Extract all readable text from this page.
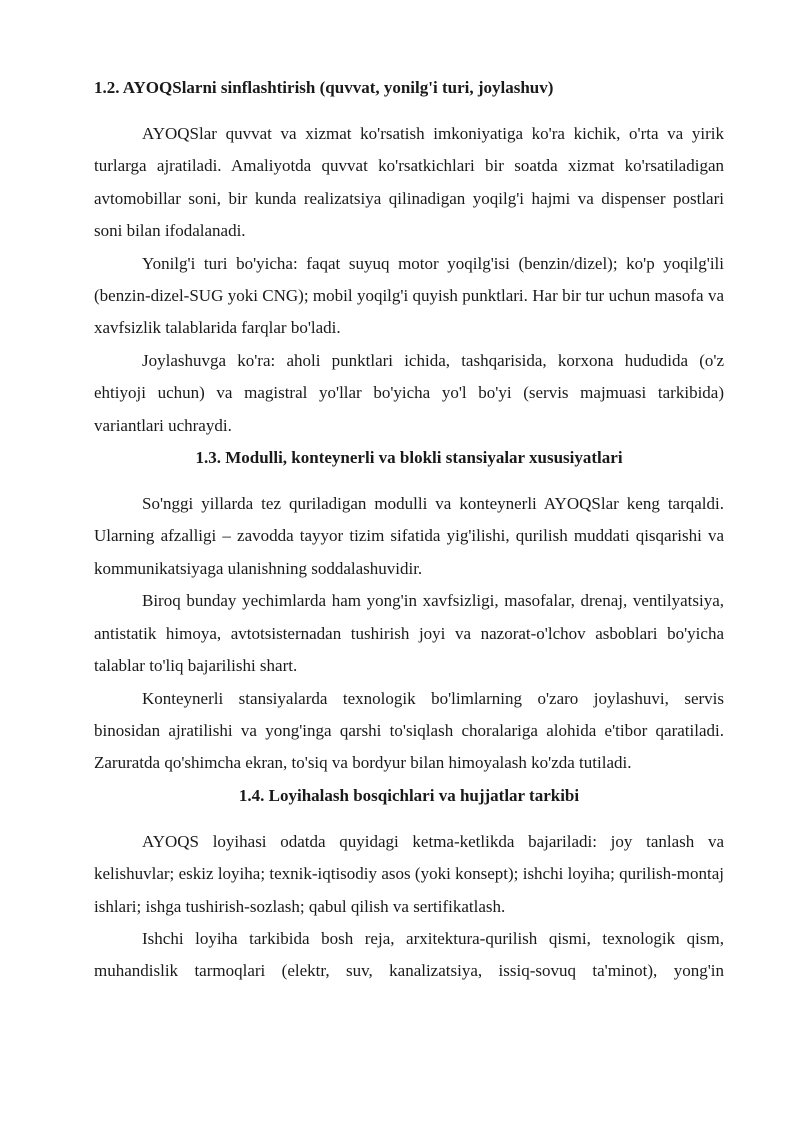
1.2. AYOQSlarni sinflashtirish (quvvat, yonilg'i turi, joylashuv)

AYOQSlar quvvat va xizmat ko'rsatish imkoniyatiga ko'ra kichik, o'rta va yirik turlarga ajratiladi. Amaliyotda quvvat ko'rsatkichlari bir soatda xizmat ko'rsatiladigan avtomobillar soni, bir kunda realizatsiya qilinadigan yoqilg'i hajmi va dispenser postlari soni bilan ifodalanadi.

Yonilg'i turi bo'yicha: faqat suyuq motor yoqilg'isi (benzin/dizel); ko'p yoqilg'ili (benzin-dizel-SUG yoki CNG); mobil yoqilg'i quyish punktlari. Har bir tur uchun masofa va xavfsizlik talablarida farqlar bo'ladi.

Joylashuvga ko'ra: aholi punktlari ichida, tashqarisida, korxona hududida (o'z ehtiyoji uchun) va magistral yo'llar bo'yicha yo'l bo'yi (servis majmuasi tarkibida) variantlari uchraydi.

1.3. Modulli, konteynerli va blokli stansiyalar xususiyatlari

So'nggi yillarda tez quriladigan modulli va konteynerli AYOQSlar keng tarqaldi. Ularning afzalligi – zavodda tayyor tizim sifatida yig'ilishi, qurilish muddati qisqarishi va kommunikatsiyaga ulanishning soddalashuvidir.

Biroq bunday yechimlarda ham yong'in xavfsizligi, masofalar, drenaj, ventilyatsiya, antistatik himoya, avtotsisternadan tushirish joyi va nazorat-o'lchov asboblari bo'yicha talablar to'liq bajarilishi shart.

Konteynerli stansiyalarda texnologik bo'limlarning o'zaro joylashuvi, servis binosidan ajratilishi va yong'inga qarshi to'siqlash choralariga alohida e'tibor qaratiladi. Zaruratda qo'shimcha ekran, to'siq va bordyur bilan himoyalash ko'zda tutiladi.

1.4. Loyihalash bosqichlari va hujjatlar tarkibi

AYOQS loyihasi odatda quyidagi ketma-ketlikda bajariladi: joy tanlash va kelishuvlar; eskiz loyiha; texnik-iqtisodiy asos (yoki konsept); ishchi loyiha; qurilish-montaj ishlari; ishga tushirish-sozlash; qabul qilish va sertifikatlash.

Ishchi loyiha tarkibida bosh reja, arxitektura-qurilish qismi, texnologik qism, muhandislik tarmoqlari (elektr, suv, kanalizatsiya, issiq-sovuq ta'minot), yong'in
